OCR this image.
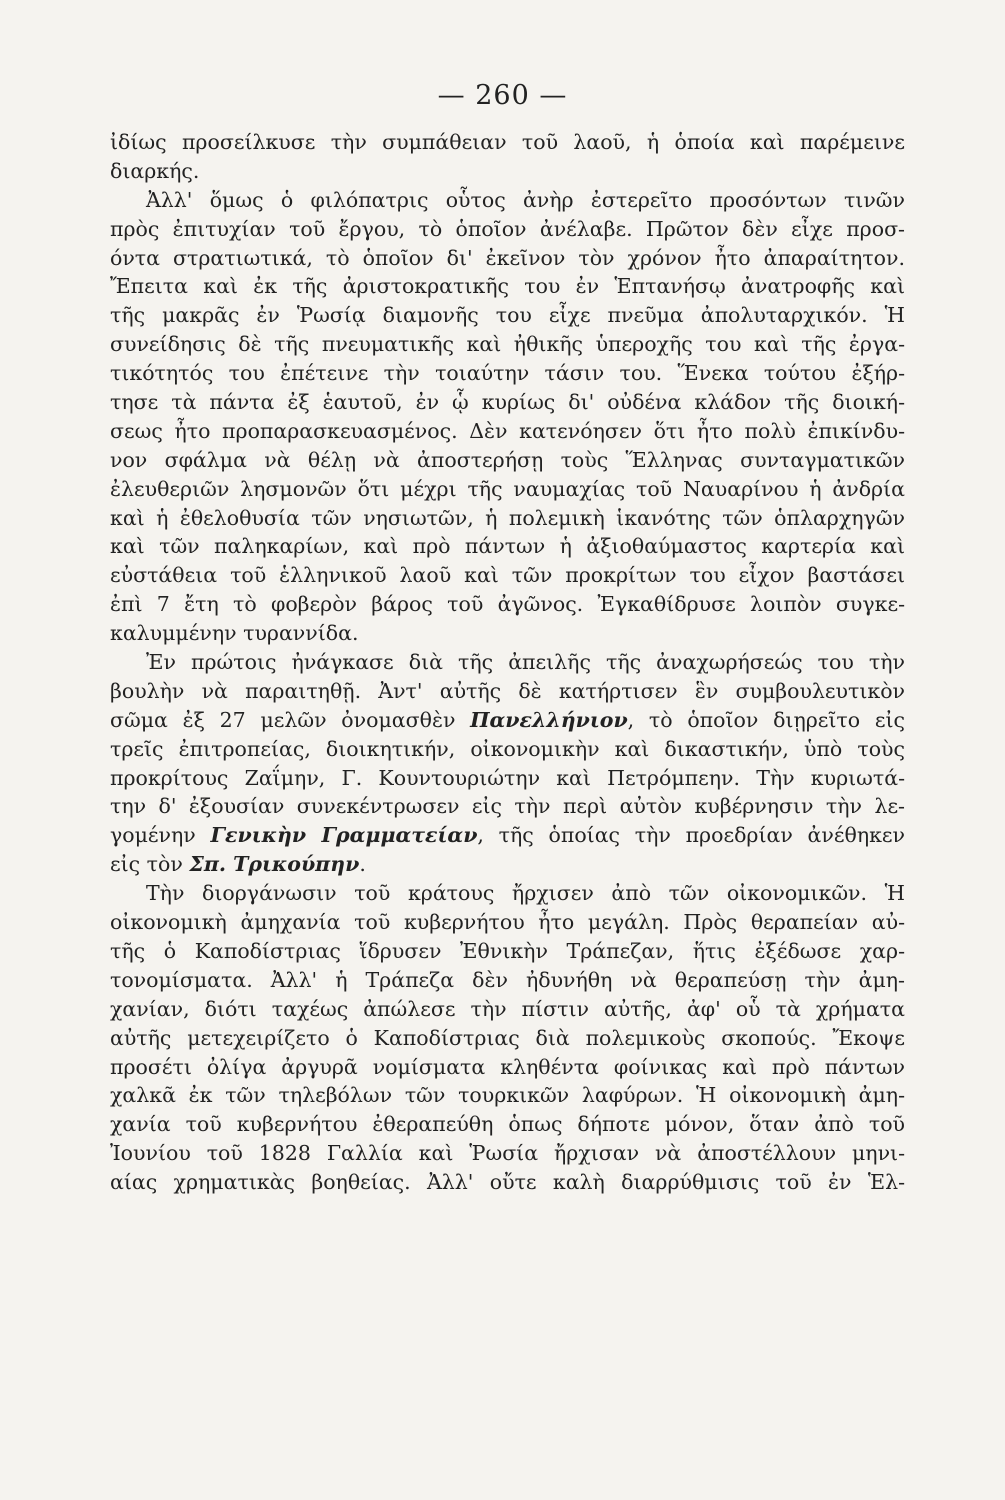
— 260 —
ἰδίως προσείλκυσε τὴν συμπάθειαν τοῦ λαοῦ, ἡ ὁποία καὶ παρέμεινε
διαρκής.
Ἀλλ' ὅμως ὁ φιλόπατρις οὗτος ἀνὴρ ἐστερεῖτο προσόντων τινῶν
πρὸς ἐπιτυχίαν τοῦ ἔργου, τὸ ὁποῖον ἀνέλαβε. Πρῶτον δὲν εἶχε προσ-
όντα στρατιωτικά, τὸ ὁποῖον δι' ἐκεῖνον τὸν χρόνον ἦτο ἀπαραίτητον.
Ἔπειτα καὶ ἐκ τῆς ἀριστοκρατικῆς του ἐν Ἑπτανήσῳ ἀνατροφῆς καὶ
τῆς μακρᾶς ἐν Ῥωσίᾳ διαμονῆς του εἶχε πνεῦμα ἀπολυταρχικόν. Ἡ
συνείδησις δὲ τῆς πνευματικῆς καὶ ἠθικῆς ὑπεροχῆς του καὶ τῆς ἐργα-
τικότητός του ἐπέτεινε τὴν τοιαύτην τάσιν του. Ἕνεκα τούτου ἐξήρ-
τησε τὰ πάντα ἐξ ἑαυτοῦ, ἐν ᾧ κυρίως δι' οὐδένα κλάδον τῆς διοική-
σεως ἦτο προπαρασκευασμένος. Δὲν κατενόησεν ὅτι ἦτο πολὺ ἐπικίνδυ-
νον σφάλμα νὰ θέλῃ νὰ ἀποστερήσῃ τοὺς Ἕλληνας συνταγματικῶν
ἐλευθεριῶν λησμονῶν ὅτι μέχρι τῆς ναυμαχίας τοῦ Ναυαρίνου ἡ ἀνδρία
καὶ ἡ ἐθελοθυσία τῶν νησιωτῶν, ἡ πολεμικὴ ἱκανότης τῶν ὁπλαρχηγῶν
καὶ τῶν παληκαρίων, καὶ πρὸ πάντων ἡ ἀξιοθαύμαστος καρτερία καὶ
εὐστάθεια τοῦ ἑλληνικοῦ λαοῦ καὶ τῶν προκρίτων του εἶχον βαστάσει
ἐπὶ 7 ἔτη τὸ φοβερὸν βάρος τοῦ ἀγῶνος. Ἐγκαθίδρυσε λοιπὸν συγκε-
καλυμμένην τυραννίδα.
Ἐν πρώτοις ἠνάγκασε διὰ τῆς ἀπειλῆς τῆς ἀναχωρήσεώς του τὴν
βουλὴν νὰ παραιτηθῇ. Ἀντ' αὐτῆς δὲ κατήρτισεν ἓν συμβουλευτικὸν
σῶμα ἐξ 27 μελῶν ὀνομασθὲν Πανελλήνιον, τὸ ὁποῖον διῃρεῖτο εἰς
τρεῖς ἐπιτροπείας, διοικητικήν, οἰκονομικὴν καὶ δικαστικήν, ὑπὸ τοὺς
προκρίτους Ζαΐμην, Γ. Κουντουριώτην καὶ Πετρόμπεην. Τὴν κυριωτά-
την δ' ἐξουσίαν συνεκέντρωσεν εἰς τὴν περὶ αὐτὸν κυβέρνησιν τὴν λε-
γομένην Γενικὴν Γραμματείαν, τῆς ὁποίας τὴν προεδρίαν ἀνέθηκεν
εἰς τὸν Σπ. Τρικούπην.
Τὴν διοργάνωσιν τοῦ κράτους ἤρχισεν ἀπὸ τῶν οἰκονομικῶν. Ἡ
οἰκονομικὴ ἀμηχανία τοῦ κυβερνήτου ἦτο μεγάλη. Πρὸς θεραπείαν αὐ-
τῆς ὁ Καποδίστριας ἵδρυσεν Ἐθνικὴν Τράπεζαν, ἥτις ἐξέδωσε χαρ-
τονομίσματα. Ἀλλ' ἡ Τράπεζα δὲν ἠδυνήθη νὰ θεραπεύσῃ τὴν ἀμη-
χανίαν, διότι ταχέως ἀπώλεσε τὴν πίστιν αὐτῆς, ἀφ' οὗ τὰ χρήματα
αὐτῆς μετεχειρίζετο ὁ Καποδίστριας διὰ πολεμικοὺς σκοπούς. Ἔκοψε
προσέτι ὀλίγα ἀργυρᾶ νομίσματα κληθέντα φοίνικας καὶ πρὸ πάντων
χαλκᾶ ἐκ τῶν τηλεβόλων τῶν τουρκικῶν λαφύρων. Ἡ οἰκονομικὴ ἀμη-
χανία τοῦ κυβερνήτου ἐθεραπεύθη ὁπως δήποτε μόνον, ὅταν ἀπὸ τοῦ
Ἰουνίου τοῦ 1828 Γαλλία καὶ Ῥωσία ἤρχισαν νὰ ἀποστέλλουν μηνι-
αίας χρηματικὰς βοηθείας. Ἀλλ' οὔτε καλὴ διαρρύθμισις τοῦ ἐν Ἑλ-
